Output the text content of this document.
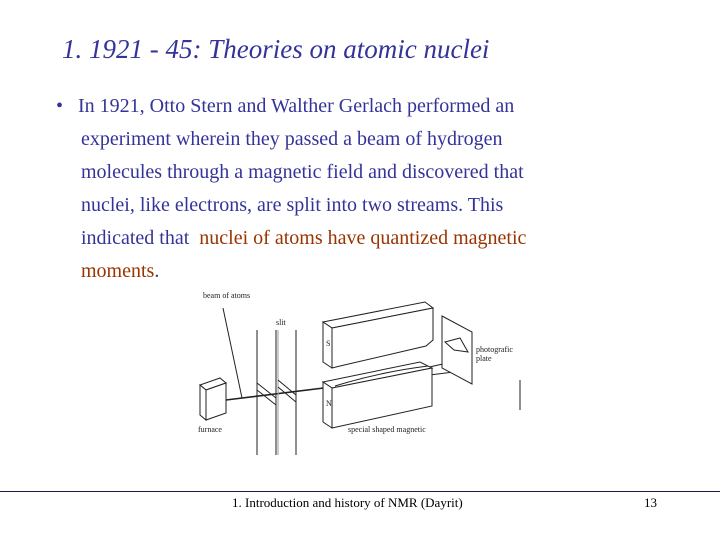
1. 1921 - 45: Theories on atomic nuclei
• In 1921, Otto Stern and Walther Gerlach performed an
experiment wherein they passed a beam of hydrogen
molecules through a magnetic field and discovered that
nuclei, like electrons, are split into two streams. This
indicated that  nuclei of atoms have quantized magnetic
moments.
beam of atoms
slit
furnace
S
N
special shaped magnetic
photografic
plate
1. Introduction and history of NMR (Dayrit)	13
